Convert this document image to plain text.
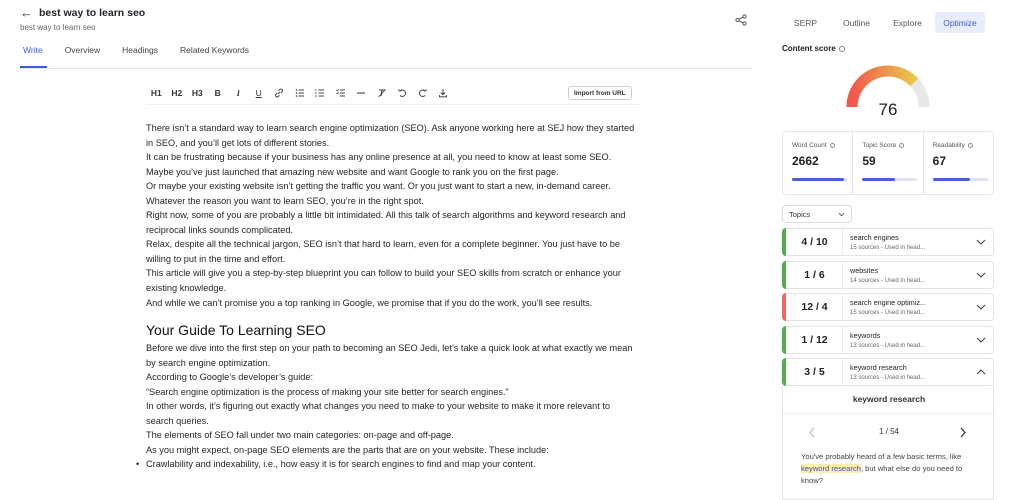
← best way to learn seo
best way to learn seo
Write	Overview	Headings	Related Keywords
H1	H2	H3	B	I	U	1
2
3	Import from URL

There isn’t a standard way to learn search engine optimization (SEO). Ask anyone working here at SEJ how they started in SEO, and you’ll get lots of different stories.

It can be frustrating because if your business has any online presence at all, you need to know at least some SEO.

Maybe you’ve just launched that amazing new website and want Google to rank you on the first page.

Or maybe your existing website isn’t getting the traffic you want. Or you just want to start a new, in-demand career.

Whatever the reason you want to learn SEO, you’re in the right spot.

Right now, some of you are probably a little bit intimidated. All this talk of search algorithms and keyword research and reciprocal links sounds complicated.

Relax, despite all the technical jargon, SEO isn’t that hard to learn, even for a complete beginner. You just have to be willing to put in the time and effort.

This article will give you a step-by-step blueprint you can follow to build your SEO skills from scratch or enhance your existing knowledge.

And while we can’t promise you a top ranking in Google, we promise that if you do the work, you’ll see results.

Your Guide To Learning SEO

Before we dive into the first step on your path to becoming an SEO Jedi, let’s take a quick look at what exactly we mean by search engine optimization.

According to Google’s developer’s guide:

“Search engine optimization is the process of making your site better for search engines.”

In other words, it’s figuring out exactly what changes you need to make to your website to make it more relevant to search queries.

The elements of SEO fall under two main categories: on-page and off-page.

As you might expect, on-page SEO elements are the parts that are on your website. These include:

• Crawlability and indexability, i.e., how easy it is for search engines to find and map your content.
SERP	Outline	Explore	Optimize
Content score
76
Word Count
2662
Topic Score
59
Readability
67
Topics
4 / 10	search engines
15 sources - Used in head...
1 / 6	websites
14 sources - Used in head...
12 / 4	search engine optimiz...
15 sources - Used in head...
1 / 12	keywords
13 sources - Used in head...
3 / 5	keyword research
13 sources - Used in head...
keyword research
1 / 54
You've probably heard of a few basic terms, like keyword research, but what else do you need to know?
